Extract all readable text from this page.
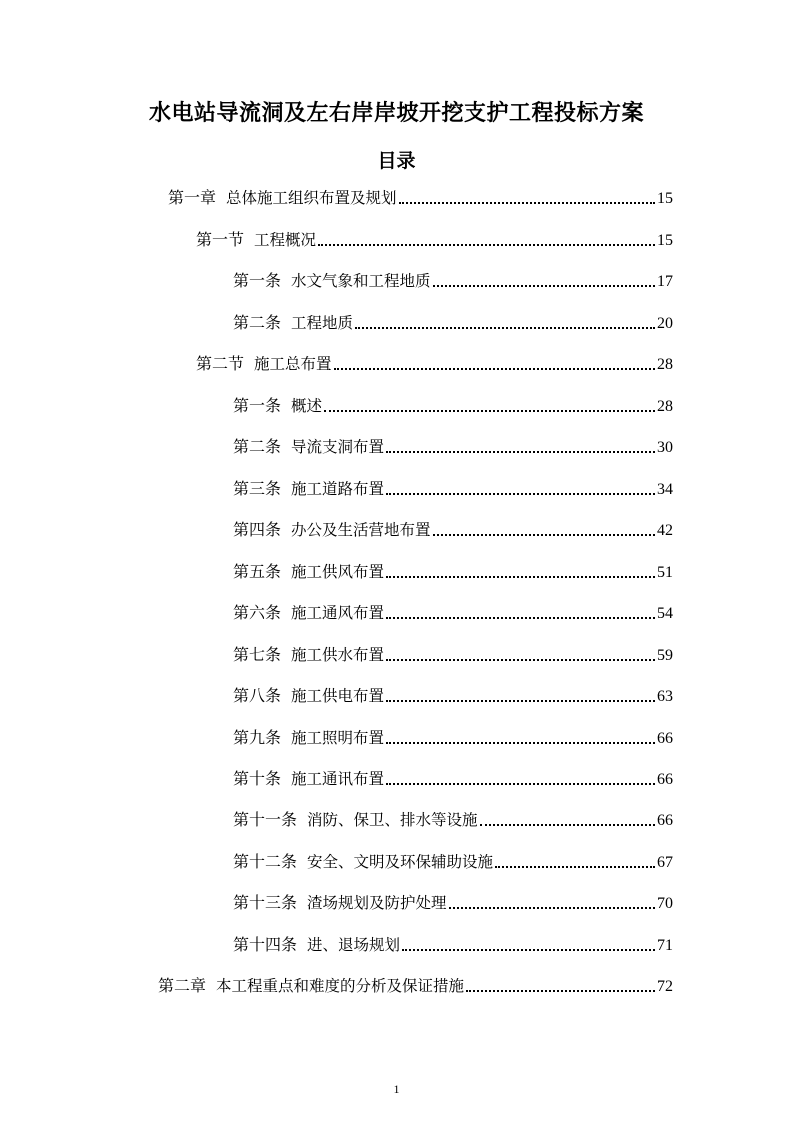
水电站导流洞及左右岸岸坡开挖支护工程投标方案
目录
第一章 总体施工组织布置及规划	15
第一节 工程概况	15
第一条 水文气象和工程地质	17
第二条 工程地质	20
第二节 施工总布置	28
第一条 概述	28
第二条 导流支洞布置	30
第三条 施工道路布置	34
第四条 办公及生活营地布置	42
第五条 施工供风布置	51
第六条 施工通风布置	54
第七条 施工供水布置	59
第八条 施工供电布置	63
第九条 施工照明布置	66
第十条 施工通讯布置	66
第十一条 消防、保卫、排水等设施	66
第十二条 安全、文明及环保辅助设施	67
第十三条 渣场规划及防护处理	70
第十四条 进、退场规划	71
第二章 本工程重点和难度的分析及保证措施	72
1
